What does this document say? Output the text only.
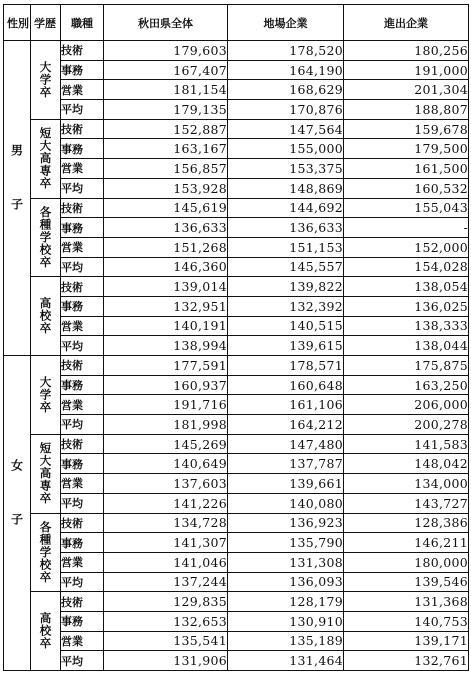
性別	学歴	職種	秋田県全体	地場企業	進出企業
男子	大学卒	技術	179,603	178,520	180,256
		事務	167,407	164,190	191,000
		営業	181,154	168,629	201,304
		平均	179,135	170,876	188,807
	短大高専卒	技術	152,887	147,564	159,678
		事務	163,167	155,000	179,500
		営業	156,857	153,375	161,500
		平均	153,928	148,869	160,532
	各種学校卒	技術	145,619	144,692	155,043
		事務	136,633	136,633	-
		営業	151,268	151,153	152,000
		平均	146,360	145,557	154,028
	高校卒	技術	139,014	139,822	138,054
		事務	132,951	132,392	136,025
		営業	140,191	140,515	138,333
		平均	138,994	139,615	138,044
女子	大学卒	技術	177,591	178,571	175,875
		事務	160,937	160,648	163,250
		営業	191,716	161,106	206,000
		平均	181,998	164,212	200,278
	短大高専卒	技術	145,269	147,480	141,583
		事務	140,649	137,787	148,042
		営業	137,603	139,661	134,000
		平均	141,226	140,080	143,727
	各種学校卒	技術	134,728	136,923	128,386
		事務	141,307	135,790	146,211
		営業	141,046	131,308	180,000
		平均	137,244	136,093	139,546
	高校卒	技術	129,835	128,179	131,368
		事務	132,653	130,910	140,753
		営業	135,541	135,189	139,171
		平均	131,906	131,464	132,761
